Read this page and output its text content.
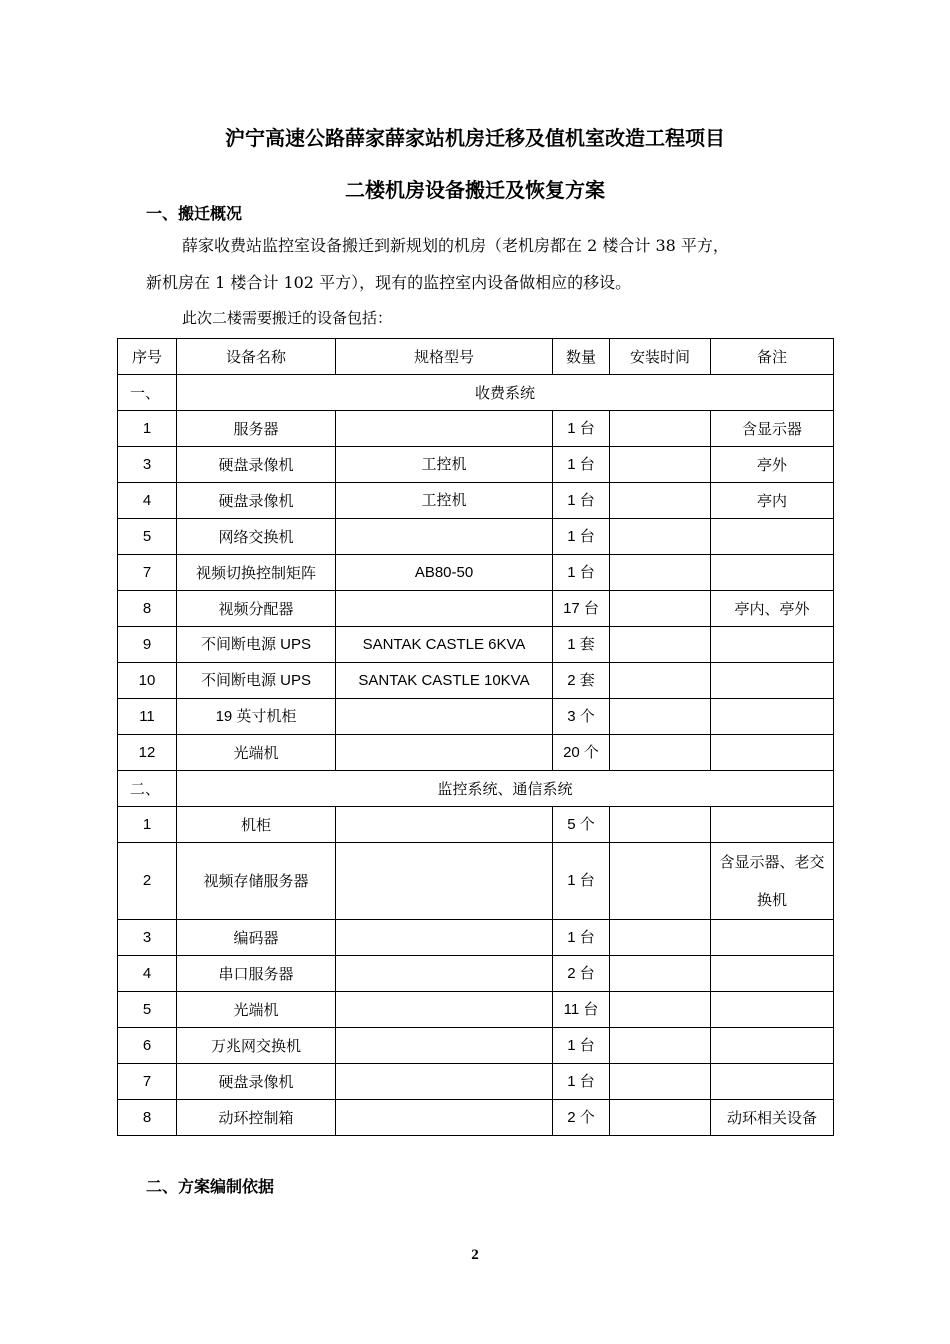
沪宁高速公路薛家薛家站机房迁移及值机室改造工程项目
二楼机房设备搬迁及恢复方案
一、搬迁概况
薛家收费站监控室设备搬迁到新规划的机房（老机房都在 2 楼合计 38 平方，
新机房在 1 楼合计 102 平方），现有的监控室内设备做相应的移设。
此次二楼需要搬迁的设备包括：
序号	设备名称	规格型号	数量	安装时间	备注
一、	收费系统				
1	服务器		1 台		含显示器
3	硬盘录像机	工控机	1 台		亭外
4	硬盘录像机	工控机	1 台		亭内
5	网络交换机		1 台		
7	视频切换控制矩阵	AB80-50	1 台		
8	视频分配器		17 台		亭内、亭外
9	不间断电源 UPS	SANTAK CASTLE 6KVA	1 套		
10	不间断电源 UPS	SANTAK CASTLE 10KVA	2 套		
11	19 英寸机柜		3 个		
12	光端机		20 个		
二、	监控系统、通信系统				
1	机柜		5 个		
2	视频存储服务器		1 台		含显示器、老交换机
3	编码器		1 台		
4	串口服务器		2 台		
5	光端机		11 台		
6	万兆网交换机		1 台		
7	硬盘录像机		1 台		
8	动环控制箱		2 个		动环相关设备
二、方案编制依据
2
